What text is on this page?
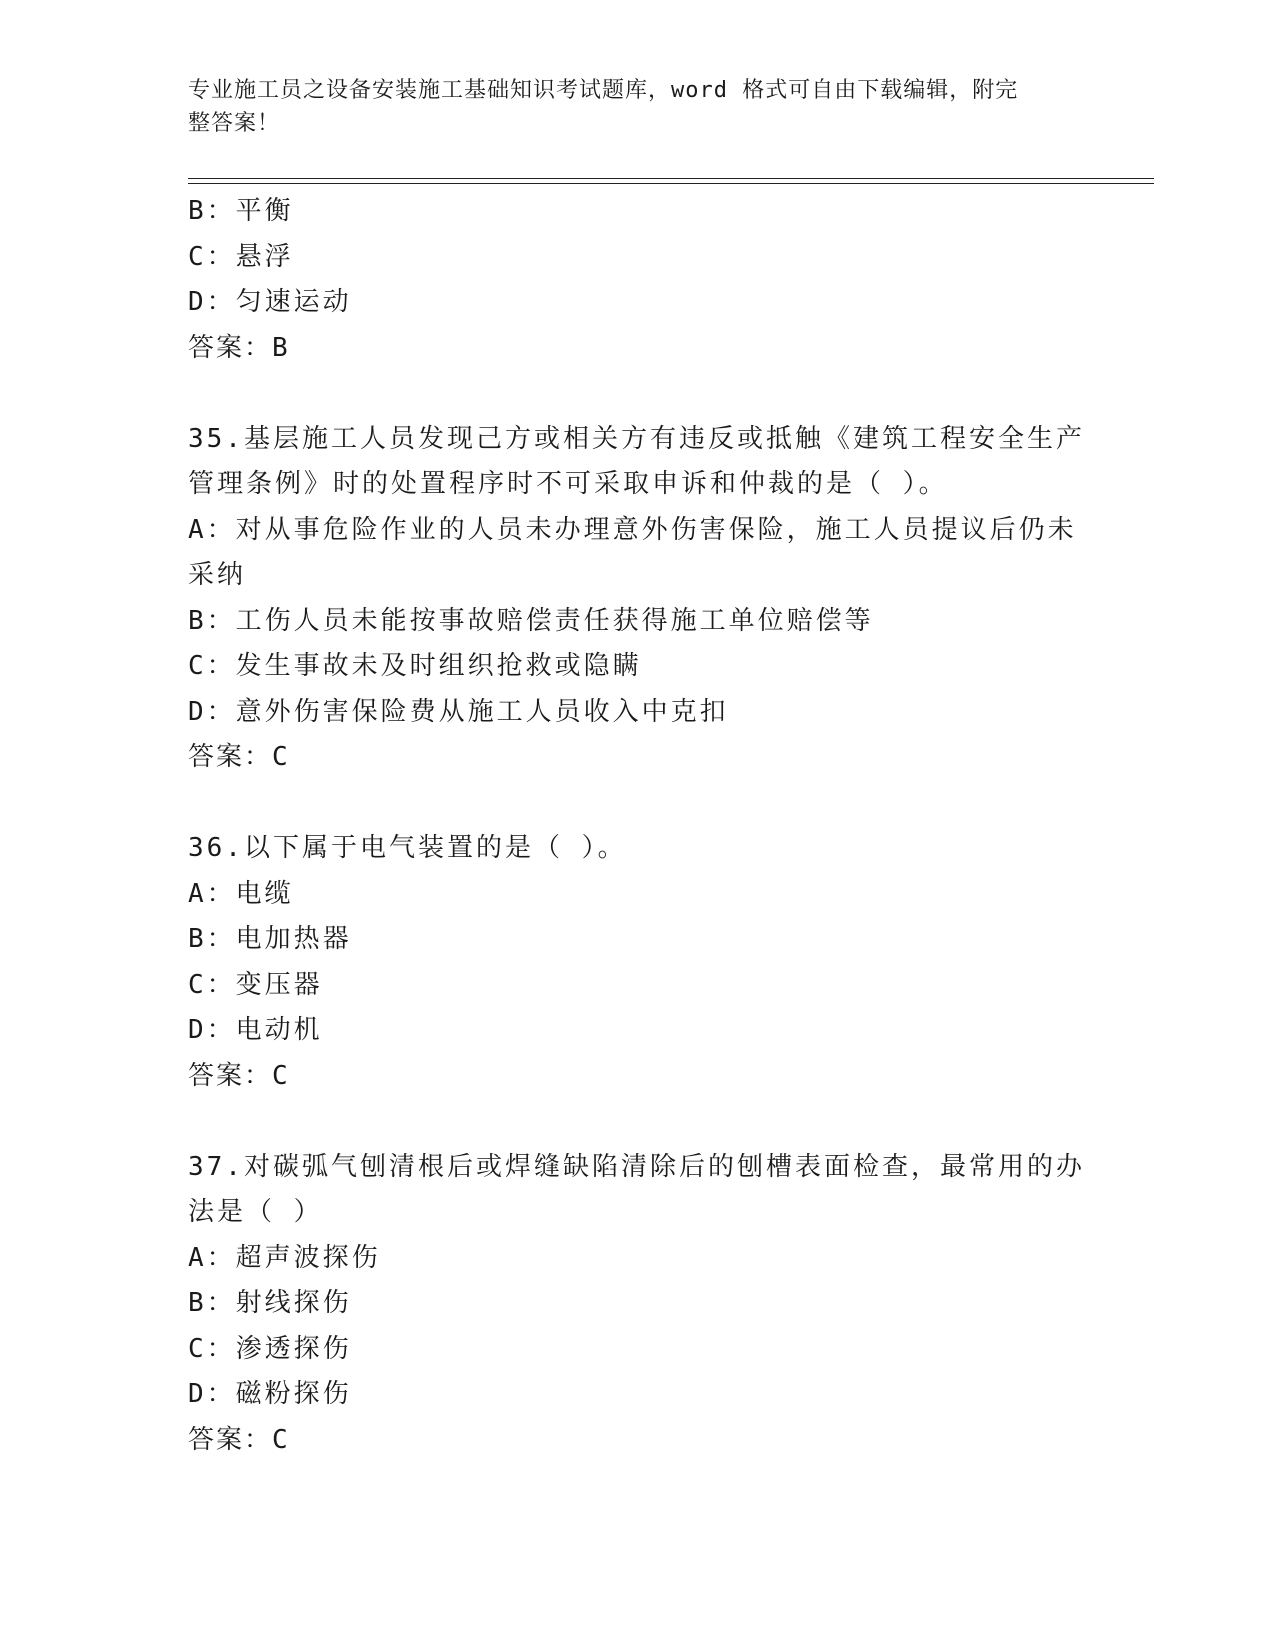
专业施工员之设备安装施工基础知识考试题库，word 格式可自由下载编辑，附完
整答案！
B：平衡
C：悬浮
D：匀速运动
答案：B
35.基层施工人员发现己方或相关方有违反或抵触《建筑工程安全生产
管理条例》时的处置程序时不可采取申诉和仲裁的是（ ）。
A：对从事危险作业的人员未办理意外伤害保险，施工人员提议后仍未
采纳
B：工伤人员未能按事故赔偿责任获得施工单位赔偿等
C：发生事故未及时组织抢救或隐瞒
D：意外伤害保险费从施工人员收入中克扣
答案：C
36.以下属于电气装置的是（ ）。
A：电缆
B：电加热器
C：变压器
D：电动机
答案：C
37.对碳弧气刨清根后或焊缝缺陷清除后的刨槽表面检查，最常用的办
法是（ ）
A：超声波探伤
B：射线探伤
C：渗透探伤
D：磁粉探伤
答案：C
